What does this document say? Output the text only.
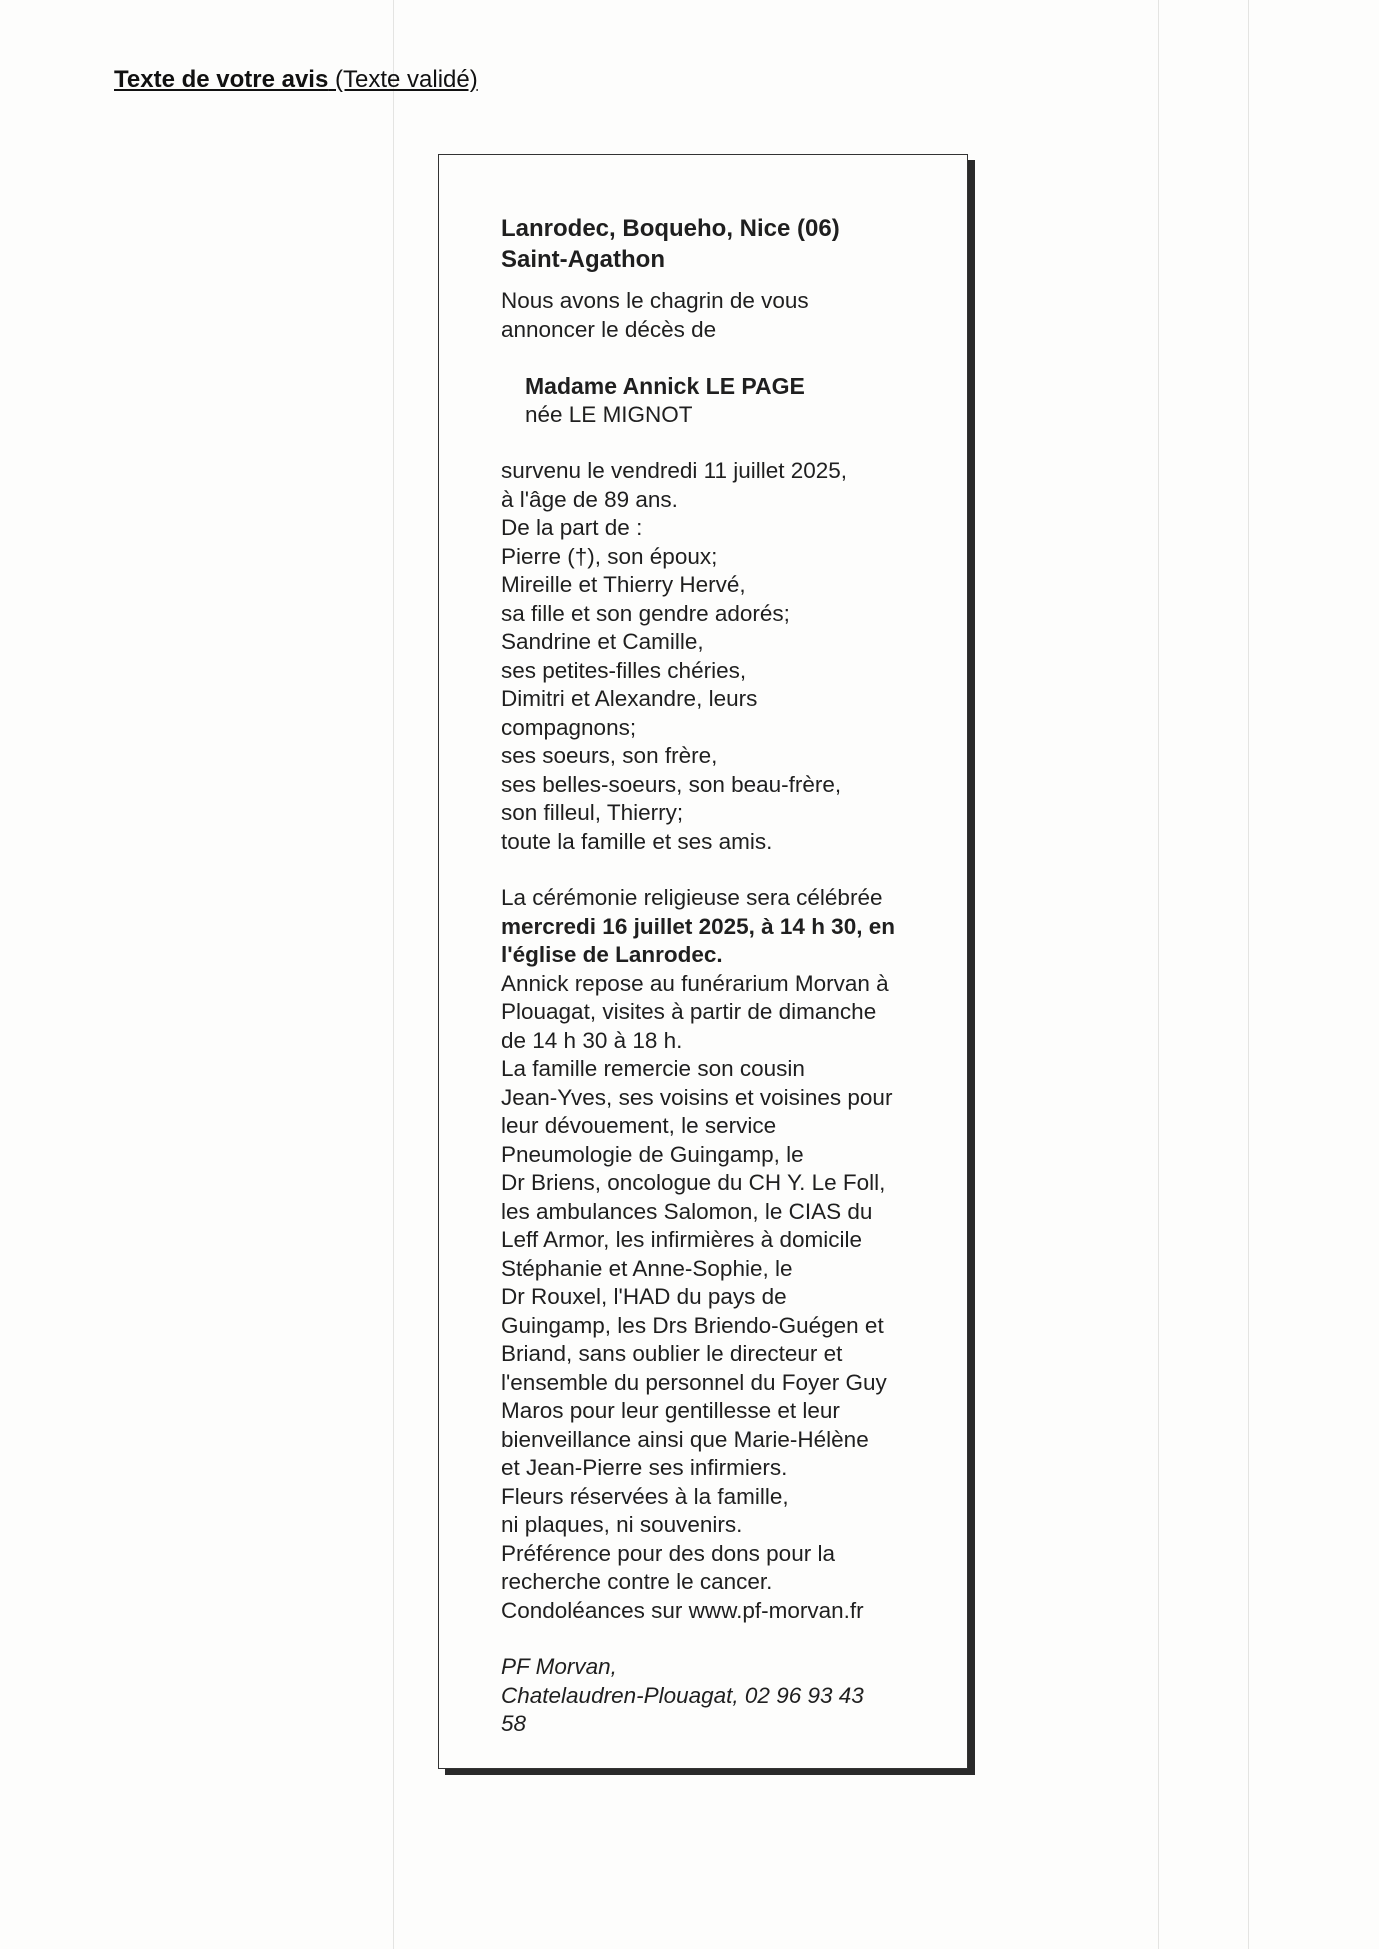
Texte de votre avis (Texte validé)
Lanrodec, Boqueho, Nice (06)
Saint-Agathon
Nous avons le chagrin de vous
annoncer le décès de
Madame Annick LE PAGE
née LE MIGNOT
survenu le vendredi 11 juillet 2025,
à l'âge de 89 ans.
De la part de :
Pierre (†), son époux;
Mireille et Thierry Hervé,
sa fille et son gendre adorés;
Sandrine et Camille,
ses petites-filles chéries,
Dimitri et Alexandre, leurs
compagnons;
ses soeurs, son frère,
ses belles-soeurs, son beau-frère,
son filleul, Thierry;
toute la famille et ses amis.
La cérémonie religieuse sera célébrée
mercredi 16 juillet 2025, à 14 h 30, en
l'église de Lanrodec.
Annick repose au funérarium Morvan à
Plouagat, visites à partir de dimanche
de 14 h 30 à 18 h.
La famille remercie son cousin
Jean-Yves, ses voisins et voisines pour
leur dévouement, le service
Pneumologie de Guingamp, le
Dr Briens, oncologue du CH Y. Le Foll,
les ambulances Salomon, le CIAS du
Leff Armor, les infirmières à domicile
Stéphanie et Anne-Sophie, le
Dr Rouxel, l'HAD du pays de
Guingamp, les Drs Briendo-Guégen et
Briand, sans oublier le directeur et
l'ensemble du personnel du Foyer Guy
Maros pour leur gentillesse et leur
bienveillance ainsi que Marie-Hélène
et Jean-Pierre ses infirmiers.
Fleurs réservées à la famille,
ni plaques, ni souvenirs.
Préférence pour des dons pour la
recherche contre le cancer.
Condoléances sur www.pf-morvan.fr
PF Morvan,
Chatelaudren-Plouagat, 02 96 93 43
58
